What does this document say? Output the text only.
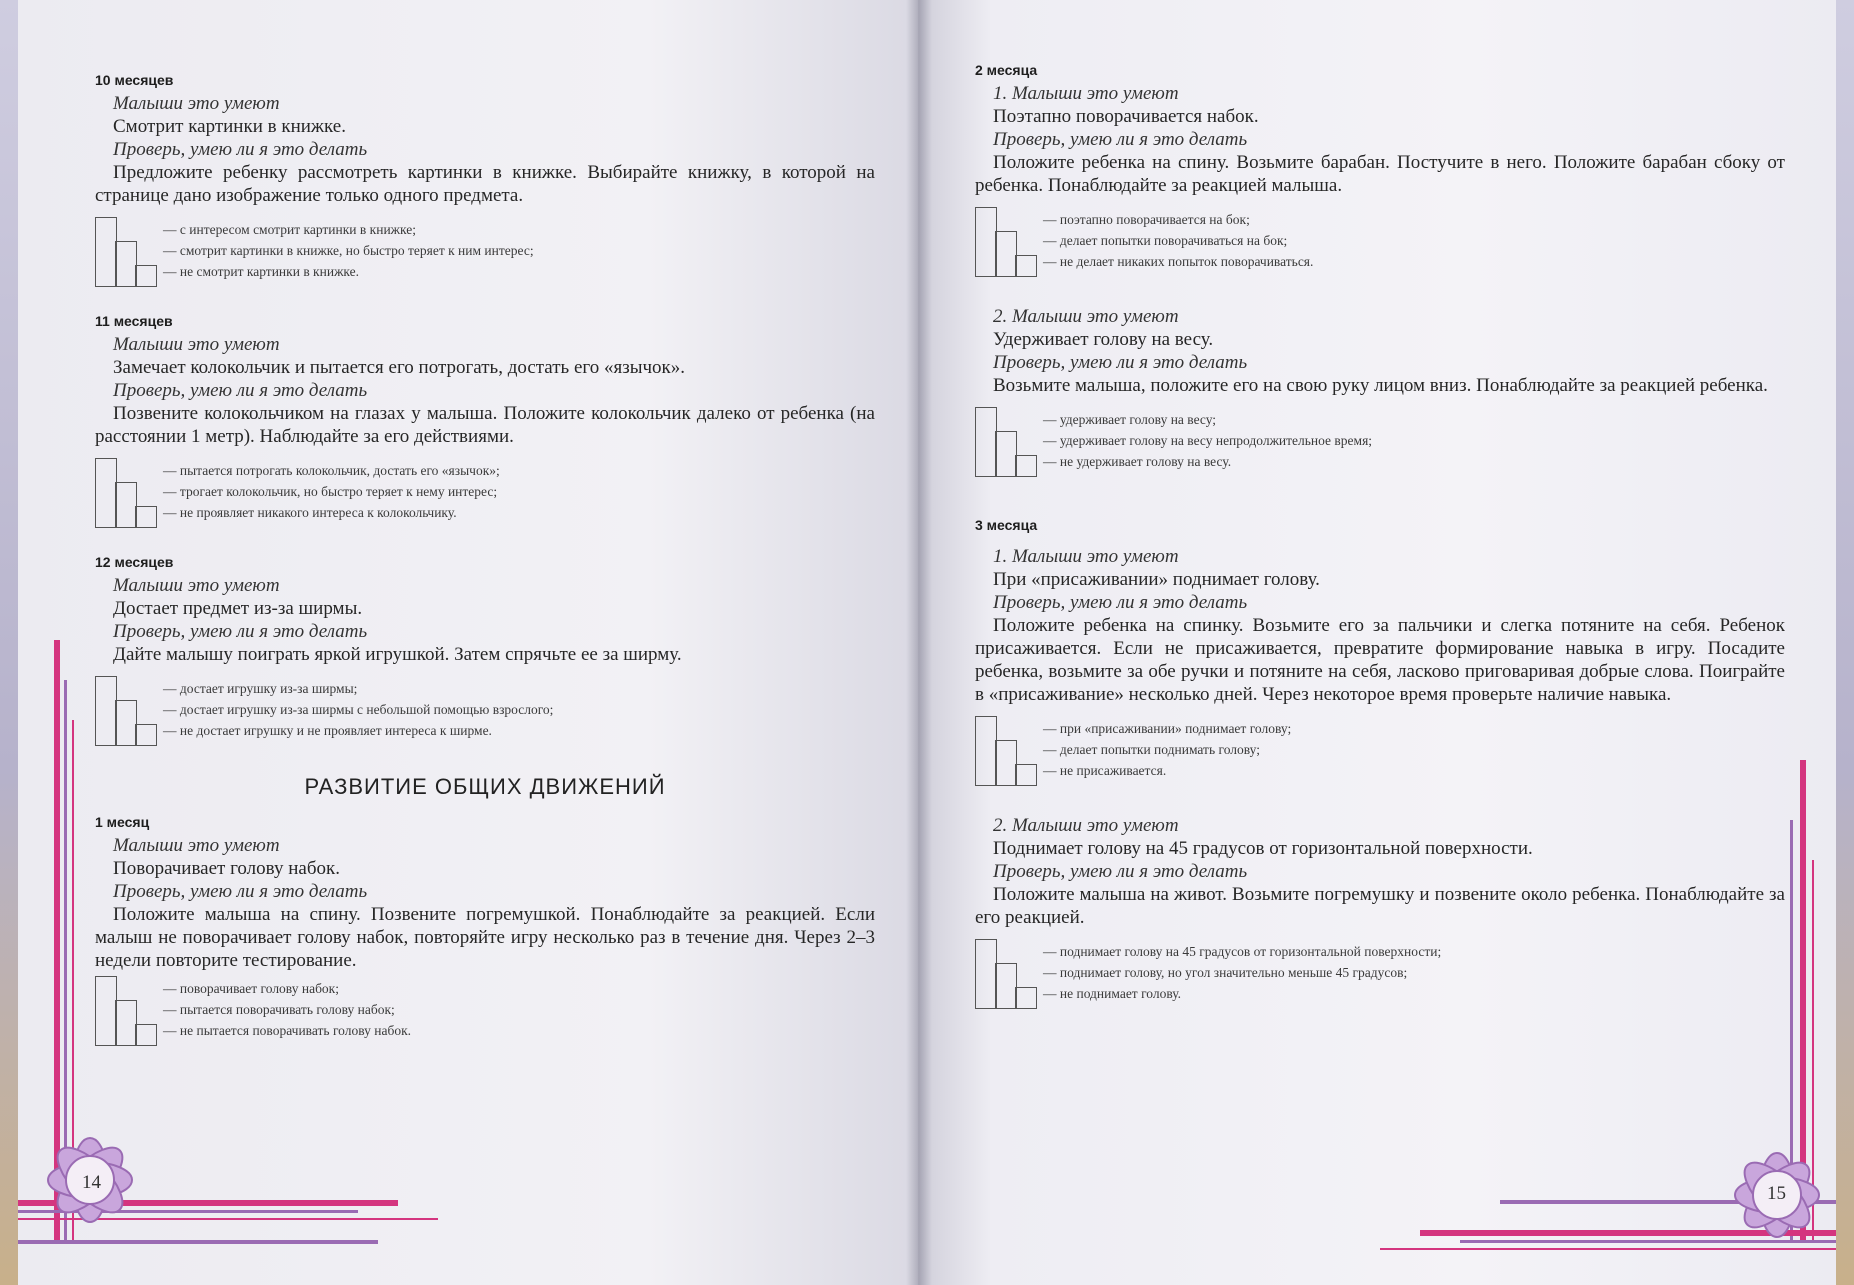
14
15
10 месяцев
Малыши это умеют
Смотрит картинки в книжке.
Проверь, умею ли я это делать
Предложите ребенку рассмотреть картинки в книжке. Выбирайте книжку, в которой на странице дано изображение только одного предмета.
— с интересом смотрит картинки в книжке;
— смотрит картинки в книжке, но быстро теряет к ним интерес;
— не смотрит картинки в книжке.
11 месяцев
Малыши это умеют
Замечает колокольчик и пытается его потрогать, достать его «язычок».
Проверь, умею ли я это делать
Позвените колокольчиком на глазах у малыша. Положите колокольчик далеко от ребенка (на расстоянии 1 метр). Наблюдайте за его действиями.
— пытается потрогать колокольчик, достать его «язычок»;
— трогает колокольчик, но быстро теряет к нему интерес;
— не проявляет никакого интереса к колокольчику.
12 месяцев
Малыши это умеют
Достает предмет из-за ширмы.
Проверь, умею ли я это делать
Дайте малышу поиграть яркой игрушкой. Затем спрячьте ее за ширму.
— достает игрушку из-за ширмы;
— достает игрушку из-за ширмы с небольшой помощью взрослого;
— не достает игрушку и не проявляет интереса к ширме.
РАЗВИТИЕ ОБЩИХ ДВИЖЕНИЙ
1 месяц
Малыши это умеют
Поворачивает голову набок.
Проверь, умею ли я это делать
Положите малыша на спину. Позвените погремушкой. Понаблюдайте за реакцией. Если малыш не поворачивает голову набок, повторяйте игру несколько раз в течение дня. Через 2–3 недели повторите тестирование.
— поворачивает голову набок;
— пытается поворачивать голову набок;
— не пытается поворачивать голову набок.
2 месяца
1. Малыши это умеют
Поэтапно поворачивается набок.
Проверь, умею ли я это делать
Положите ребенка на спину. Возьмите барабан. Постучите в него. Положите барабан сбоку от ребенка. Понаблюдайте за реакцией малыша.
— поэтапно поворачивается на бок;
— делает попытки поворачиваться на бок;
— не делает никаких попыток поворачиваться.
2. Малыши это умеют
Удерживает голову на весу.
Проверь, умею ли я это делать
Возьмите малыша, положите его на свою руку лицом вниз. Понаблюдайте за реакцией ребенка.
— удерживает голову на весу;
— удерживает голову на весу непродолжительное время;
— не удерживает голову на весу.
3 месяца
1. Малыши это умеют
При «присаживании» поднимает голову.
Проверь, умею ли я это делать
Положите ребенка на спинку. Возьмите его за пальчики и слегка потяните на себя. Ребенок присаживается. Если не присаживается, превратите формирование навыка в игру. Посадите ребенка, возьмите за обе ручки и потяните на себя, ласково приговаривая добрые слова. Поиграйте в «присаживание» несколько дней. Через некоторое время проверьте наличие навыка.
— при «присаживании» поднимает голову;
— делает попытки поднимать голову;
— не присаживается.
2. Малыши это умеют
Поднимает голову на 45 градусов от горизонтальной поверхности.
Проверь, умею ли я это делать
Положите малыша на живот. Возьмите погремушку и позвените около ребенка. Понаблюдайте за его реакцией.
— поднимает голову на 45 градусов от горизонтальной поверхности;
— поднимает голову, но угол значительно меньше 45 градусов;
— не поднимает голову.
